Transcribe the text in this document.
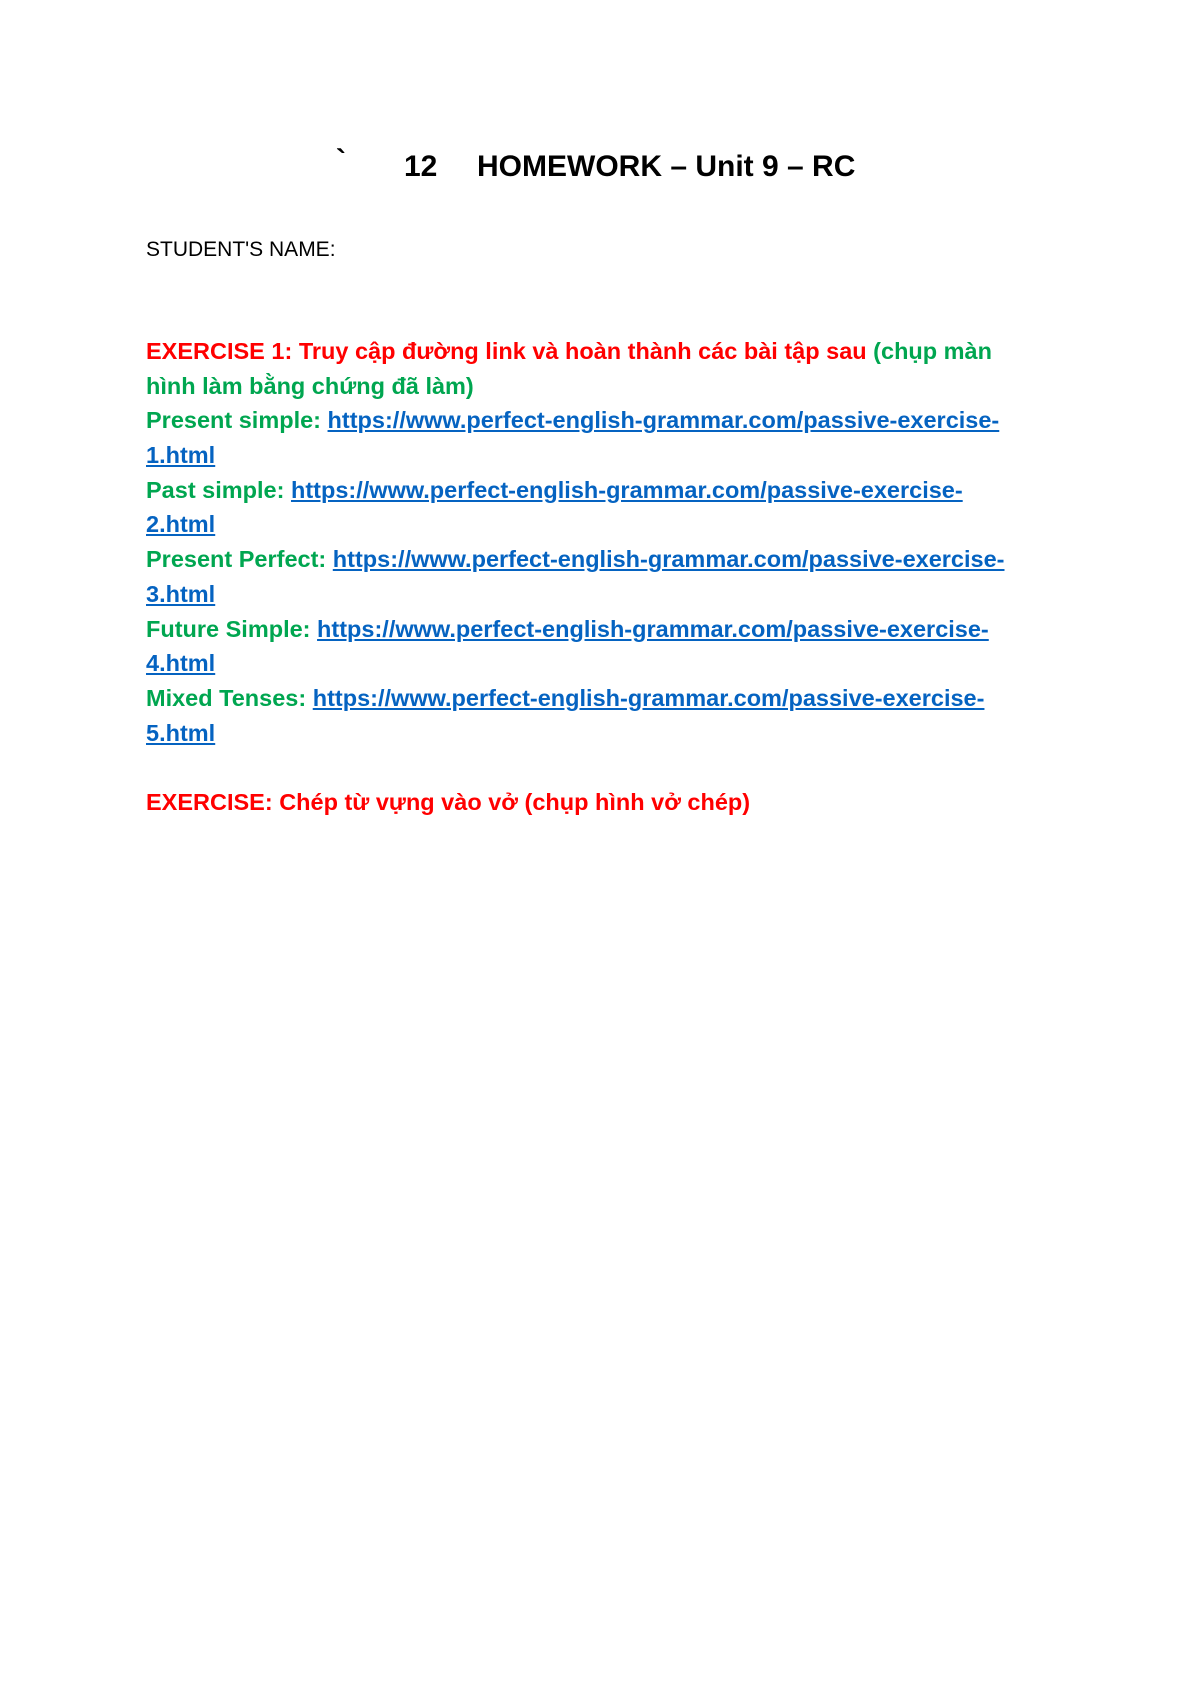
` 12 HOMEWORK – Unit 9 – RC
STUDENT'S NAME:
EXERCISE 1: Truy cập đường link và hoàn thành các bài tập sau (chụp màn
hình làm bằng chứng đã làm)
Present simple: https://www.perfect-english-grammar.com/passive-exercise-
1.html
Past simple: https://www.perfect-english-grammar.com/passive-exercise-
2.html
Present Perfect: https://www.perfect-english-grammar.com/passive-exercise-
3.html
Future Simple: https://www.perfect-english-grammar.com/passive-exercise-
4.html
Mixed Tenses: https://www.perfect-english-grammar.com/passive-exercise-
5.html
EXERCISE: Chép từ vựng vào vở (chụp hình vở chép)
